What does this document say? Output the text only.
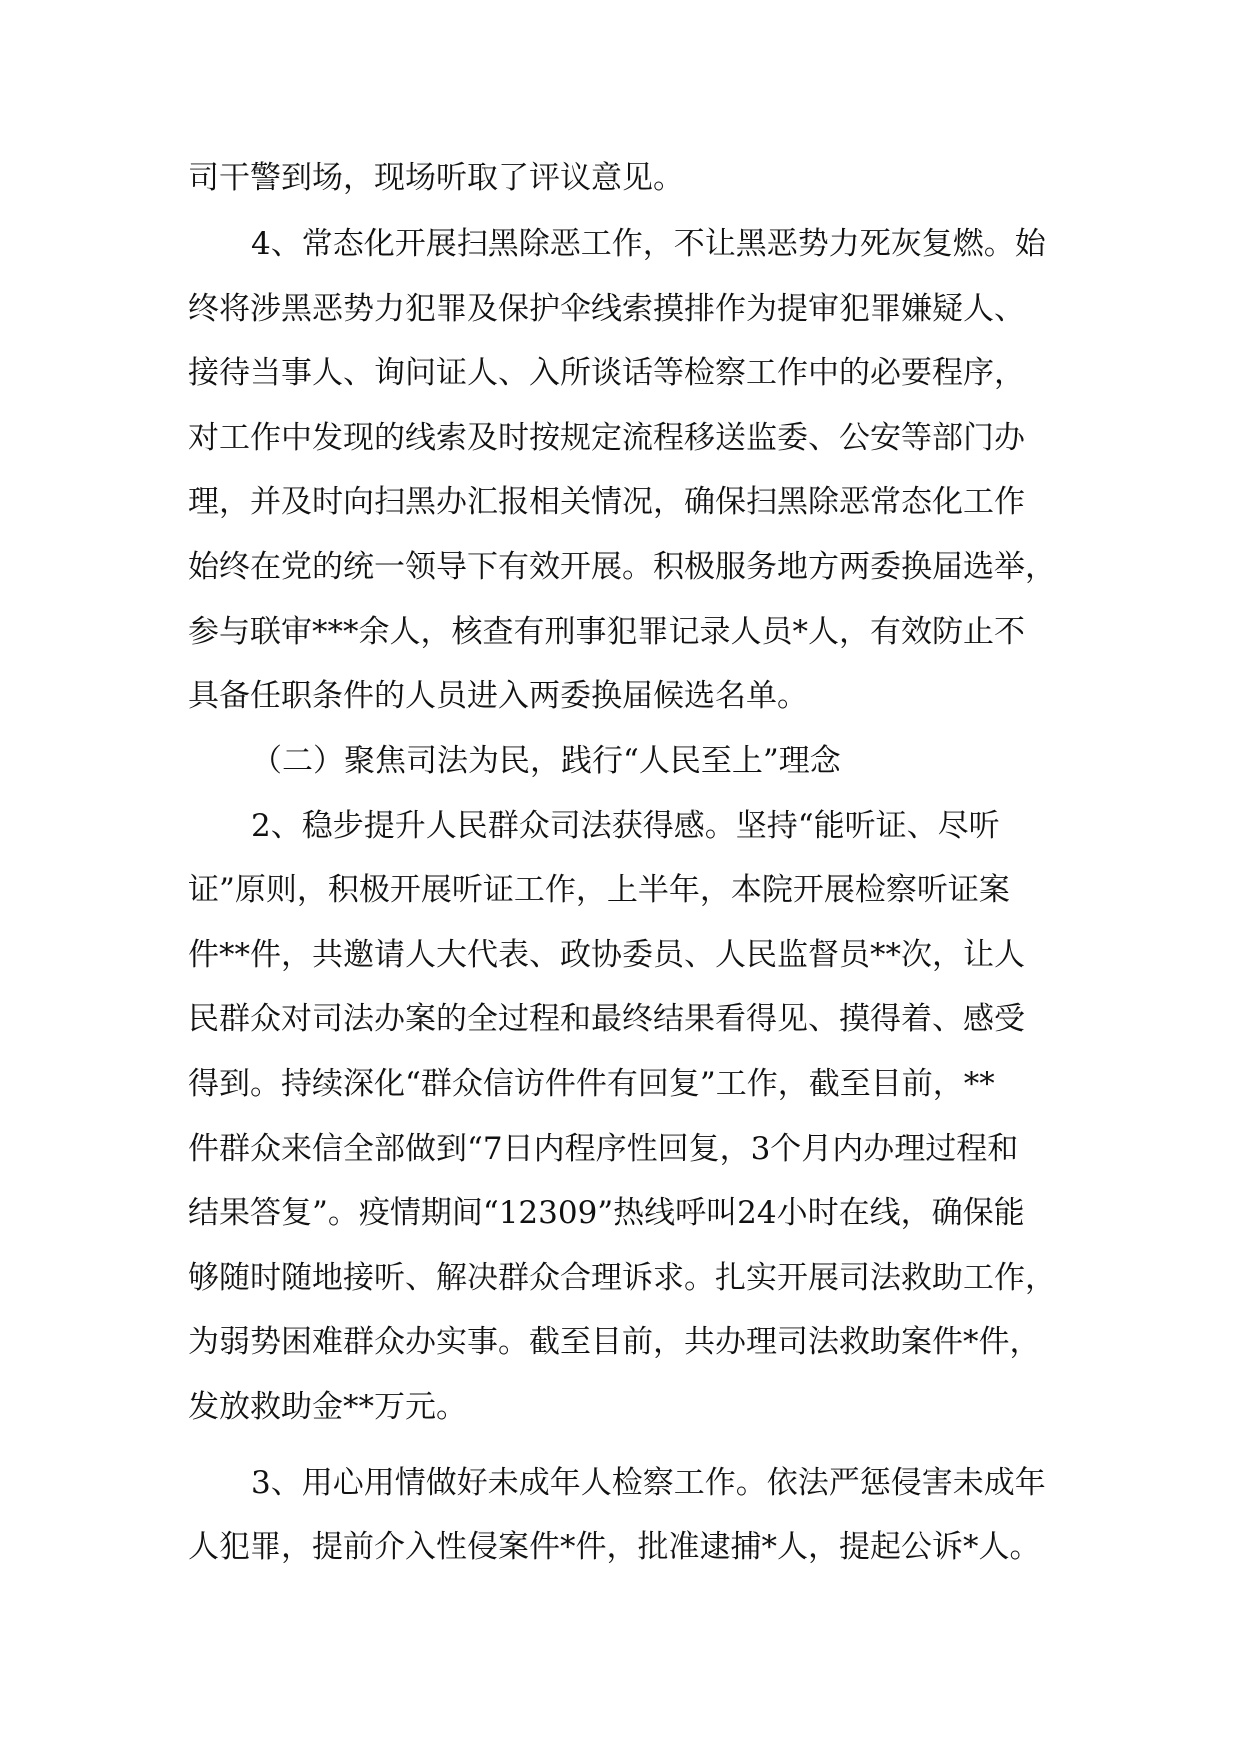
司干警到场，现场听取了评议意见。
4、常态化开展扫黑除恶工作，不让黑恶势力死灰复燃。始
终将涉黑恶势力犯罪及保护伞线索摸排作为提审犯罪嫌疑人、
接待当事人、询问证人、入所谈话等检察工作中的必要程序，
对工作中发现的线索及时按规定流程移送监委、公安等部门办
理，并及时向扫黑办汇报相关情况，确保扫黑除恶常态化工作
始终在党的统一领导下有效开展。积极服务地方两委换届选举，
参与联审***余人，核查有刑事犯罪记录人员*人，有效防止不
具备任职条件的人员进入两委换届候选名单。
（二）聚焦司法为民，践行“人民至上”理念
2、稳步提升人民群众司法获得感。坚持“能听证、尽听
证”原则，积极开展听证工作，上半年，本院开展检察听证案
件**件，共邀请人大代表、政协委员、人民监督员**次，让人
民群众对司法办案的全过程和最终结果看得见、摸得着、感受
得到。持续深化“群众信访件件有回复”工作，截至目前，**
件群众来信全部做到“7日内程序性回复，3个月内办理过程和
结果答复”。疫情期间“12309”热线呼叫24小时在线，确保能
够随时随地接听、解决群众合理诉求。扎实开展司法救助工作，
为弱势困难群众办实事。截至目前，共办理司法救助案件*件，
发放救助金**万元。
3、用心用情做好未成年人检察工作。依法严惩侵害未成年
人犯罪，提前介入性侵案件*件，批准逮捕*人，提起公诉*人。
